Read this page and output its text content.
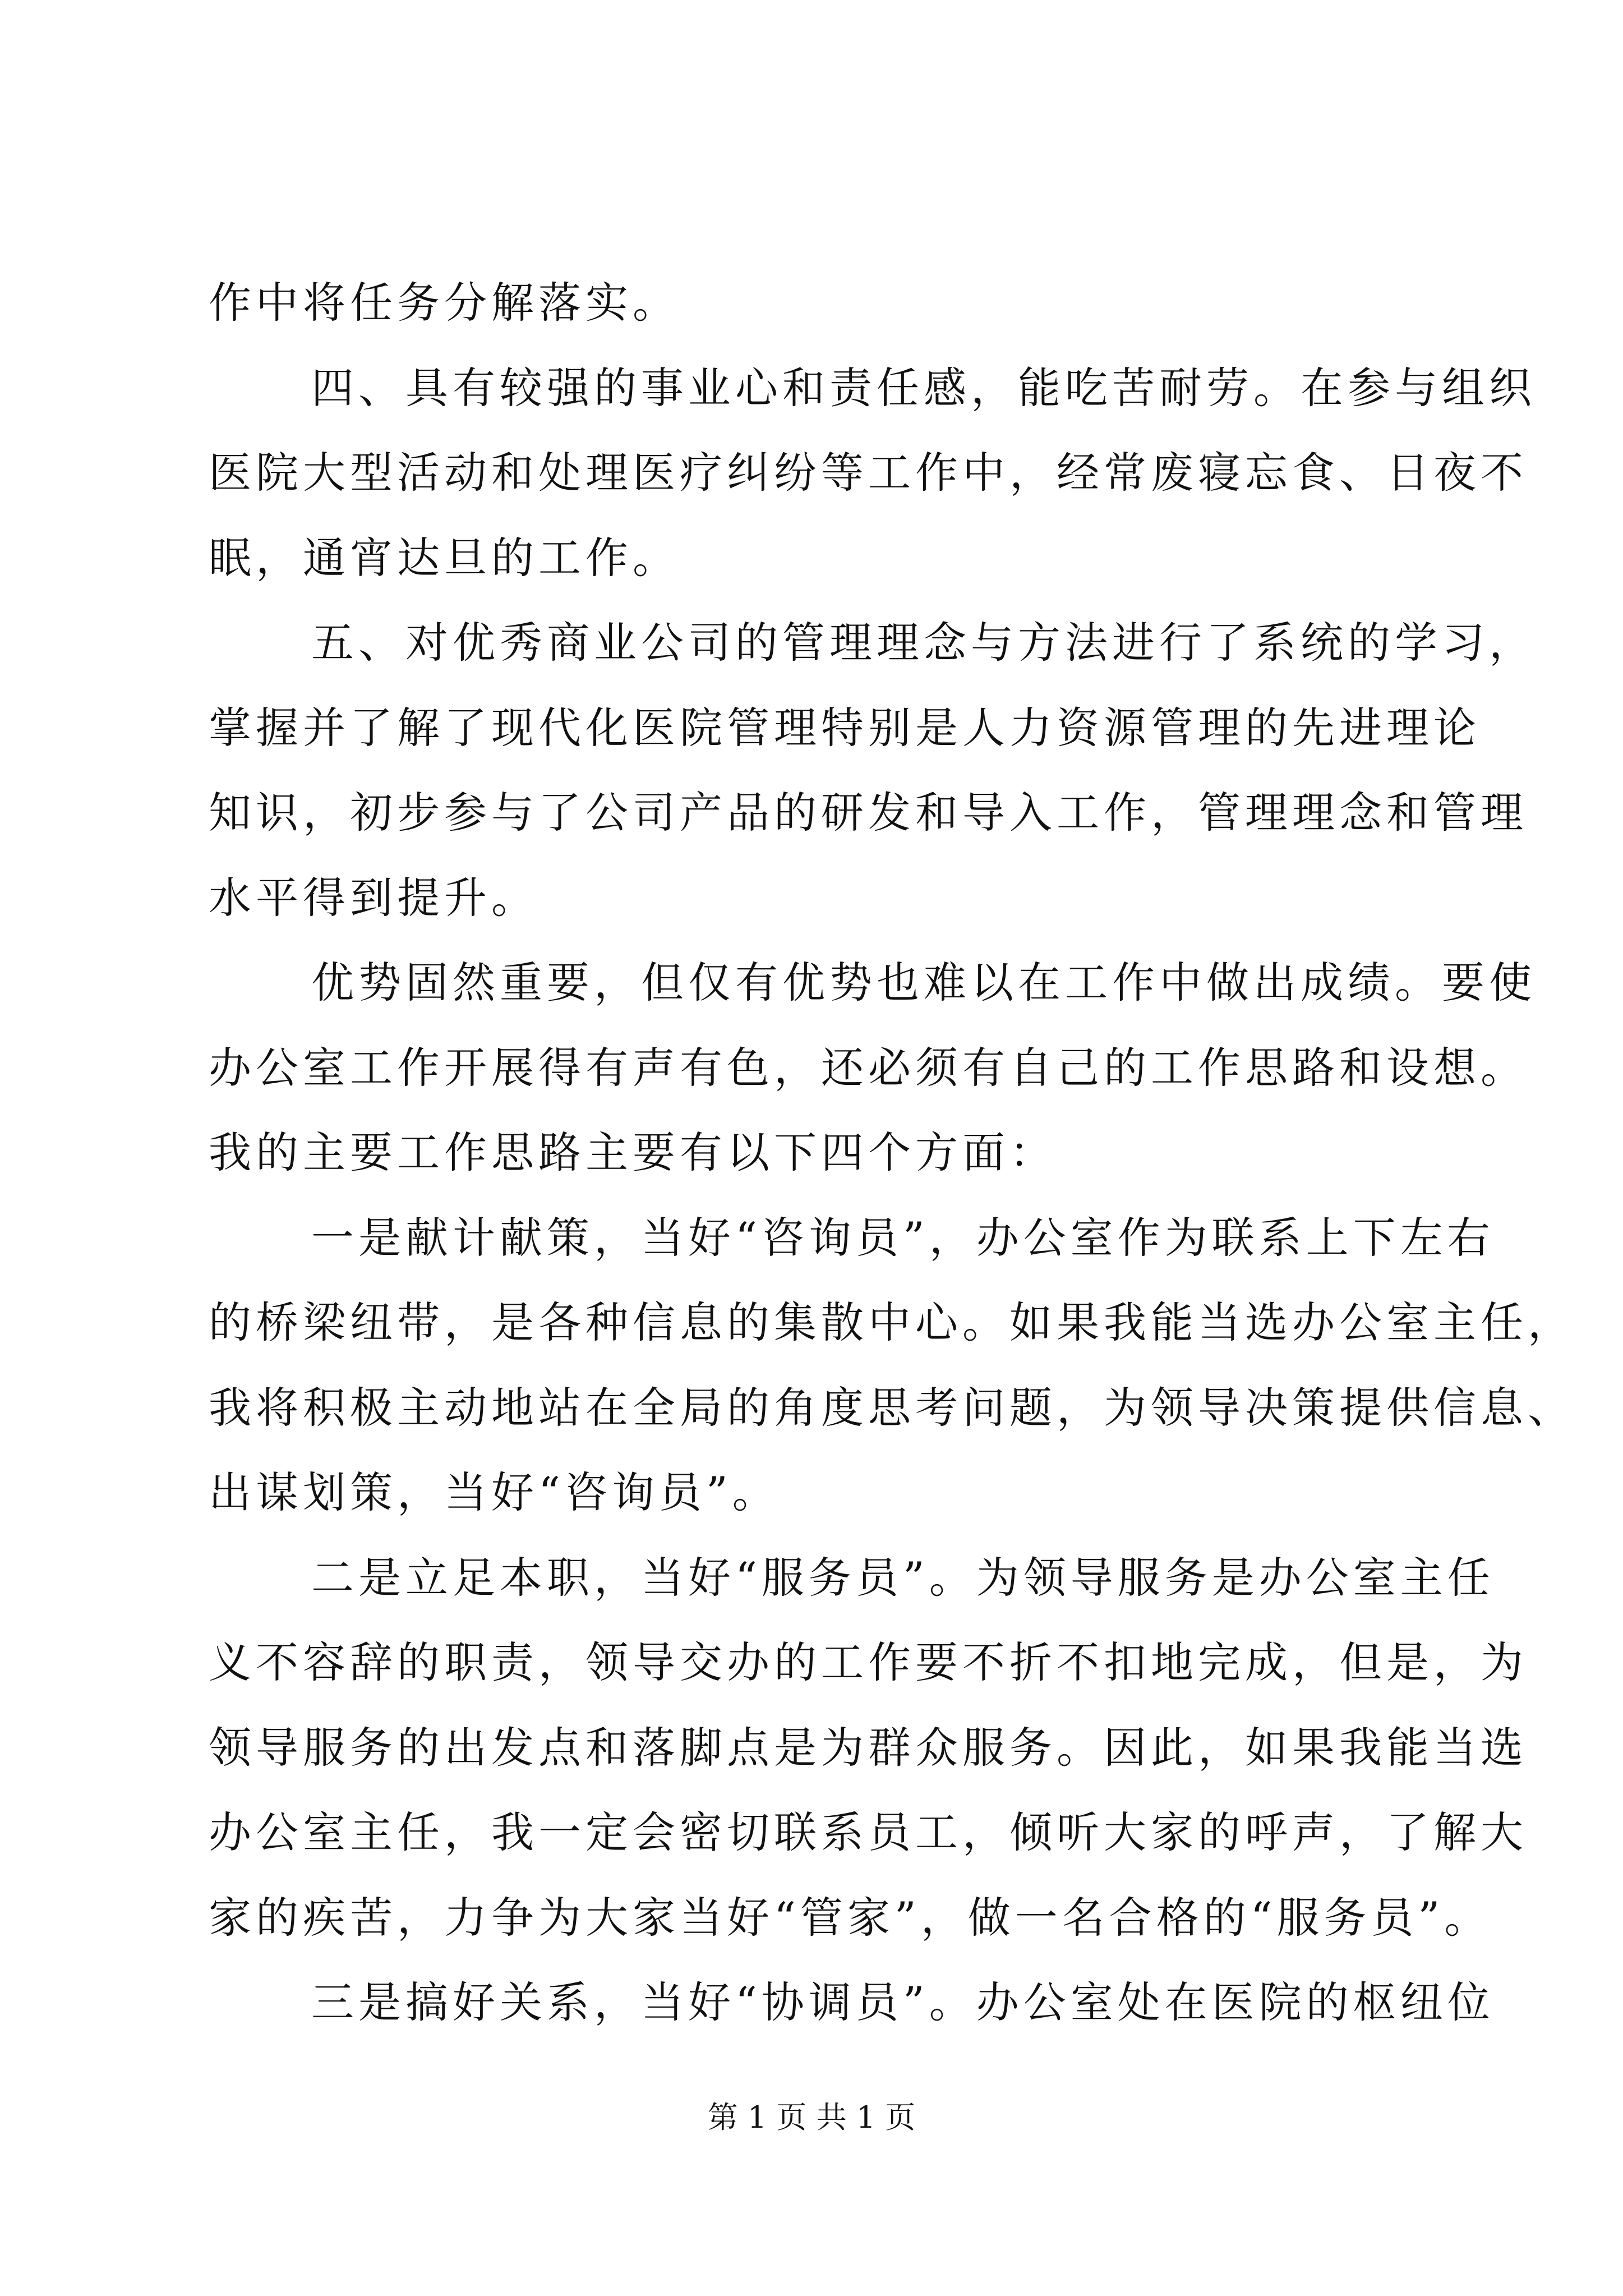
作中将任务分解落实。
四、具有较强的事业心和责任感，能吃苦耐劳。在参与组织
医院大型活动和处理医疗纠纷等工作中，经常废寝忘食、日夜不
眠，通宵达旦的工作。
五、对优秀商业公司的管理理念与方法进行了系统的学习，
掌握并了解了现代化医院管理特别是人力资源管理的先进理论
知识，初步参与了公司产品的研发和导入工作，管理理念和管理
水平得到提升。
优势固然重要，但仅有优势也难以在工作中做出成绩。要使
办公室工作开展得有声有色，还必须有自己的工作思路和设想。
我的主要工作思路主要有以下四个方面：
一是献计献策，当好“咨询员”，办公室作为联系上下左右
的桥梁纽带，是各种信息的集散中心。如果我能当选办公室主任，
我将积极主动地站在全局的角度思考问题，为领导决策提供信息、
出谋划策，当好“咨询员”。
二是立足本职，当好“服务员”。为领导服务是办公室主任
义不容辞的职责，领导交办的工作要不折不扣地完成，但是，为
领导服务的出发点和落脚点是为群众服务。因此，如果我能当选
办公室主任，我一定会密切联系员工，倾听大家的呼声，了解大
家的疾苦，力争为大家当好“管家”，做一名合格的“服务员”。
三是搞好关系，当好“协调员”。办公室处在医院的枢纽位
第 1 页 共 1 页
